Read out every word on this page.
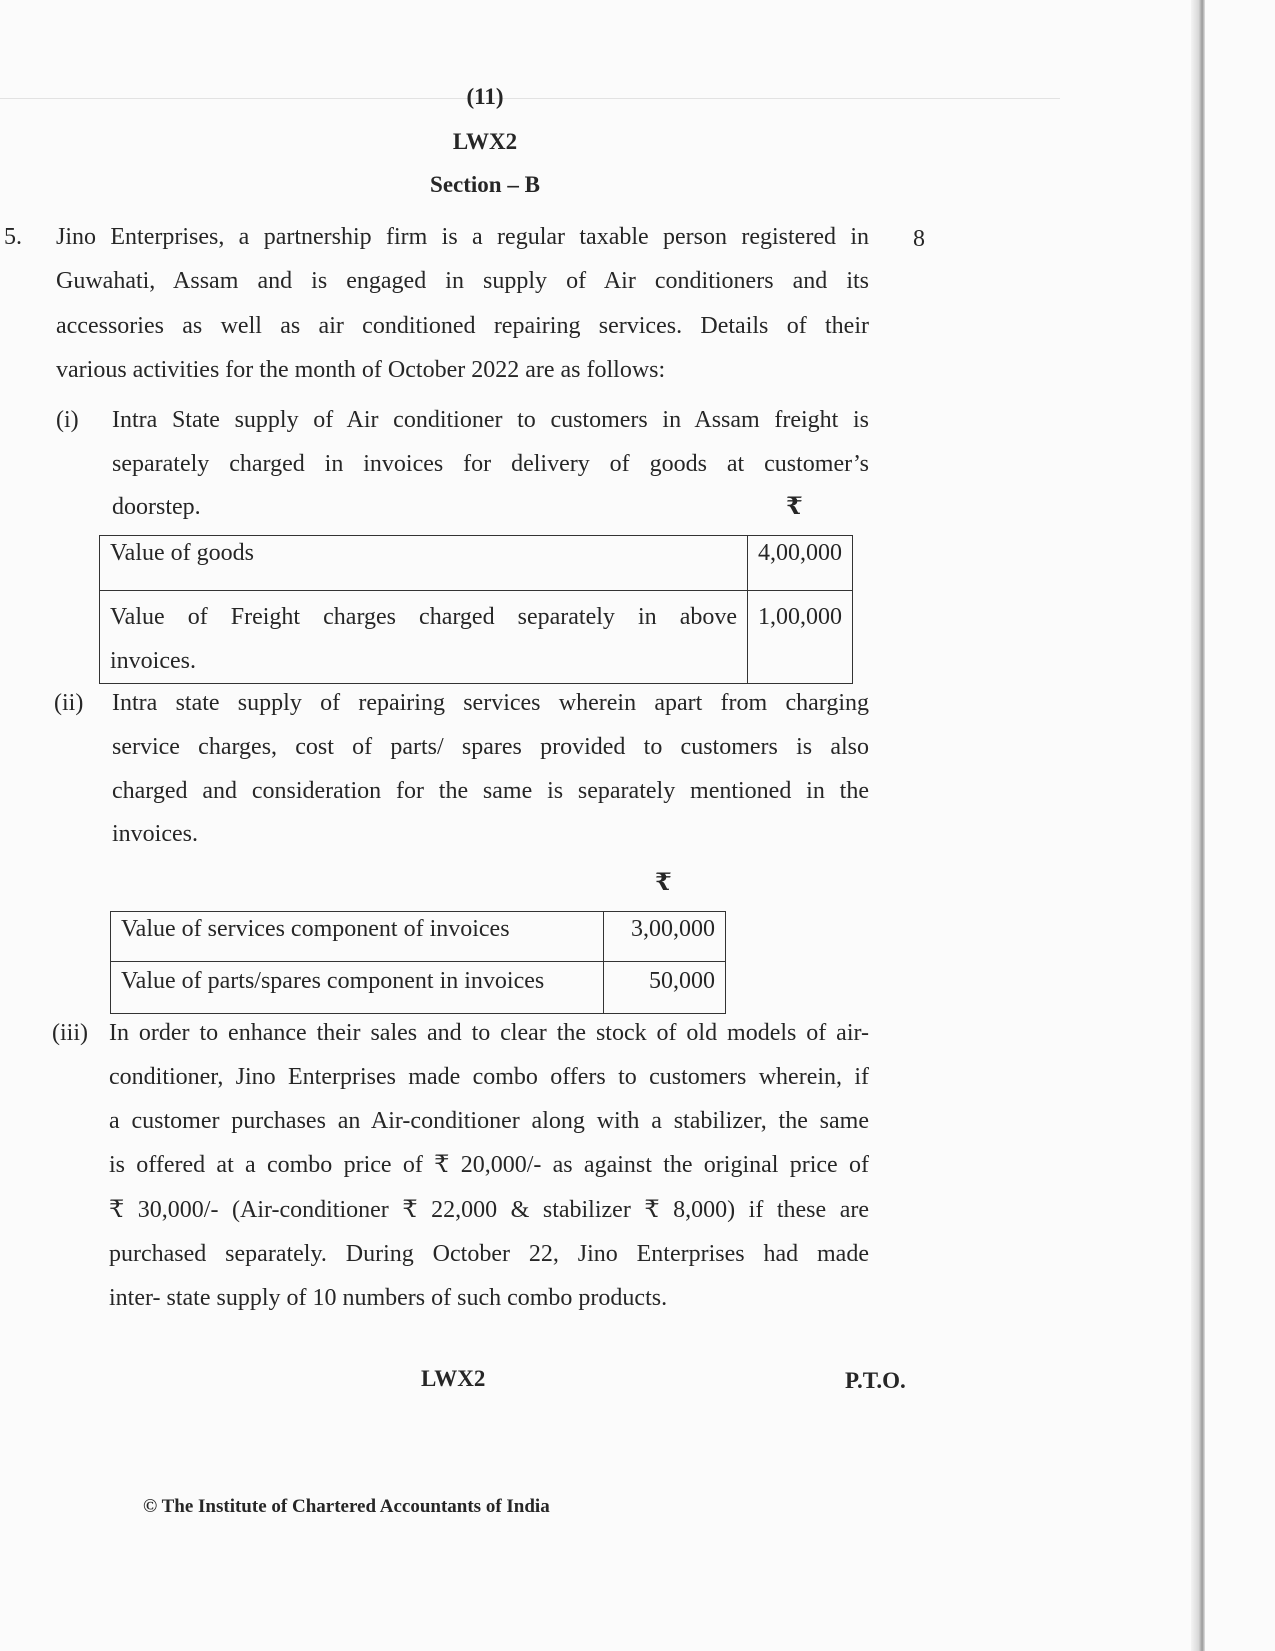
(11)
LWX2
Section – B
5.	8
Jino Enterprises, a partnership firm is a regular taxable person registered in
Guwahati, Assam and is engaged in supply of Air conditioners and its
accessories as well as air conditioned repairing services. Details of their
various activities for the month of October 2022 are as follows:
(i) Intra State supply of Air conditioner to customers in Assam freight is
separately charged in invoices for delivery of goods at customer’s
doorstep.	₹
Value of goods	4,00,000

Value of Freight charges charged separately in above
invoices.	1,00,000
(ii) Intra state supply of repairing services wherein apart from charging
service charges, cost of parts/ spares provided to customers is also
charged and consideration for the same is separately mentioned in the
invoices.
₹
Value of services component of invoices	3,00,000
Value of parts/spares component in invoices	50,000
(iii) In order to enhance their sales and to clear the stock of old models of air-
conditioner, Jino Enterprises made combo offers to customers wherein, if
a customer purchases an Air-conditioner along with a stabilizer, the same
is offered at a combo price of ₹ 20,000/- as against the original price of
₹ 30,000/- (Air-conditioner ₹ 22,000 & stabilizer ₹ 8,000) if these are
purchased separately. During October 22, Jino Enterprises had made
inter- state supply of 10 numbers of such combo products.
LWX2	P.T.O.
© The Institute of Chartered Accountants of India
